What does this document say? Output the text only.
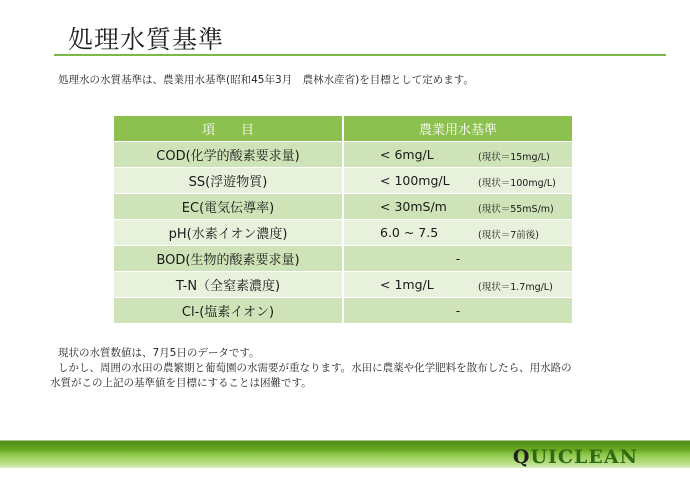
処理水質基準
処理水の水質基準は、農業用水基準(昭和45年3月　農林水産省)を目標として定めます。
項　　目	農業用水基準
COD(化学的酸素要求量)	< 6mg/L	(現状＝15mg/L)
SS(浮遊物質)	< 100mg/L	(現状＝100mg/L)
EC(電気伝導率)	< 30mS/m	(現状＝55mS/m)
pH(水素イオン濃度)	6.0 ~ 7.5	(現状＝7前後)
BOD(生物的酸素要求量)	-
T-N（全窒素濃度)	< 1mg/L	(現状＝1.7mg/L)
Cl-(塩素イオン)	-

現状の水質数値は、7月5日のデータです。

しかし、周囲の水田の農繁期と葡萄園の水需要が重なります。水田に農薬や化学肥料を散布したら、用水路の

水質がこの上記の基準値を目標にすることは困難です。

QUICLEAN
